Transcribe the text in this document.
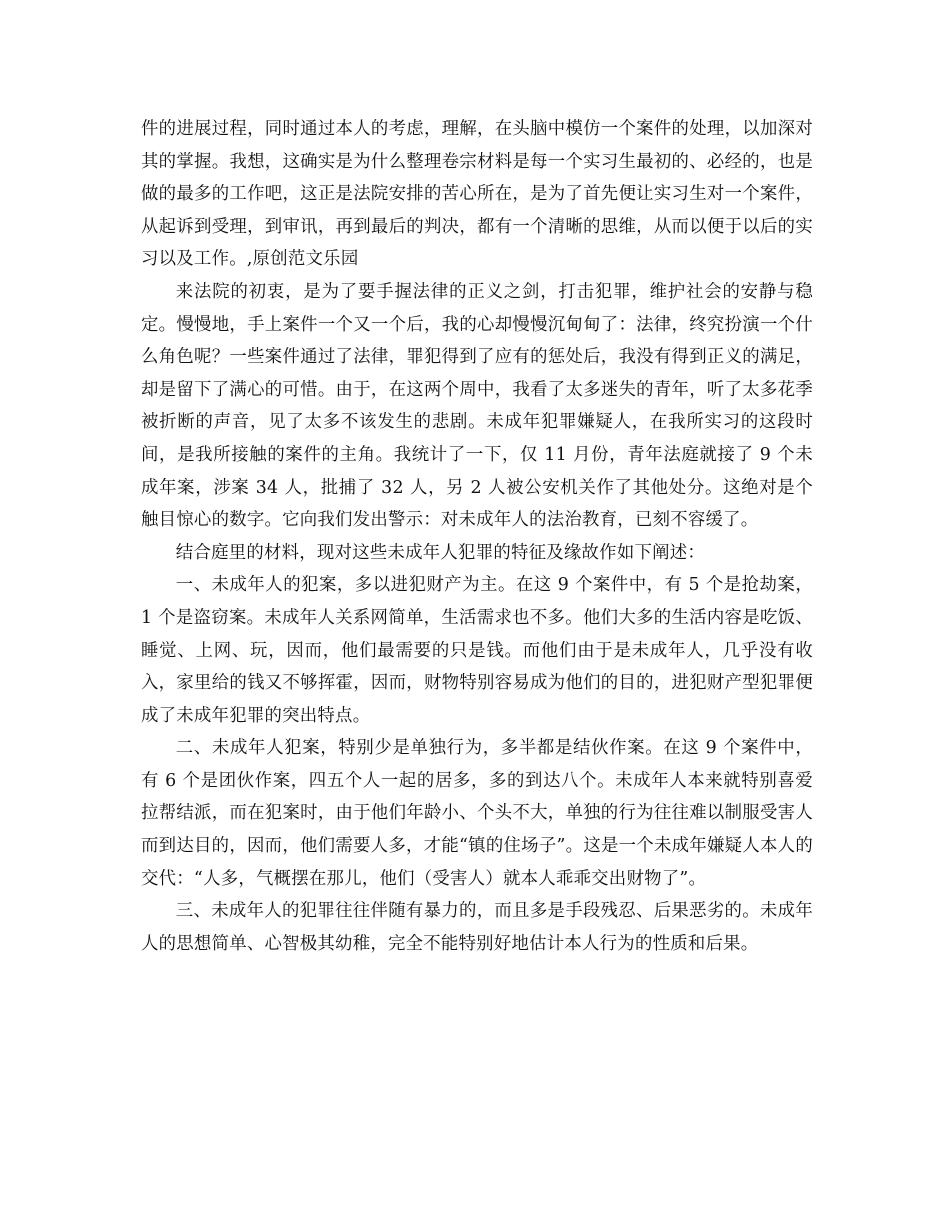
件的进展过程，同时通过本人的考虑，理解，在头脑中模仿一个案件的处理，以加深对其的掌握。我想，这确实是为什么整理卷宗材料是每一个实习生最初的、必经的，也是做的最多的工作吧，这正是法院安排的苦心所在，是为了首先便让实习生对一个案件，从起诉到受理，到审讯，再到最后的判决，都有一个清晰的思维，从而以便于以后的实习以及工作。,原创范文乐园

来法院的初衷，是为了要手握法律的正义之剑，打击犯罪，维护社会的安静与稳定。慢慢地，手上案件一个又一个后，我的心却慢慢沉甸甸了：法律，终究扮演一个什么角色呢？一些案件通过了法律，罪犯得到了应有的惩处后，我没有得到正义的满足，却是留下了满心的可惜。由于，在这两个周中，我看了太多迷失的青年，听了太多花季被折断的声音，见了太多不该发生的悲剧。未成年犯罪嫌疑人，在我所实习的这段时间，是我所接触的案件的主角。我统计了一下，仅 11 月份，青年法庭就接了 9 个未成年案，涉案 34 人，批捕了 32 人，另 2 人被公安机关作了其他处分。这绝对是个触目惊心的数字。它向我们发出警示：对未成年人的法治教育，已刻不容缓了。

结合庭里的材料，现对这些未成年人犯罪的特征及缘故作如下阐述：

一、未成年人的犯案，多以进犯财产为主。在这 9 个案件中，有 5 个是抢劫案，1 个是盗窃案。未成年人关系网简单，生活需求也不多。他们大多的生活内容是吃饭、睡觉、上网、玩，因而，他们最需要的只是钱。而他们由于是未成年人，几乎没有收入，家里给的钱又不够挥霍，因而，财物特别容易成为他们的目的，进犯财产型犯罪便成了未成年犯罪的突出特点。

二、未成年人犯案，特别少是单独行为，多半都是结伙作案。在这 9 个案件中，有 6 个是团伙作案，四五个人一起的居多，多的到达八个。未成年人本来就特别喜爱拉帮结派，而在犯案时，由于他们年龄小、个头不大，单独的行为往往难以制服受害人而到达目的，因而，他们需要人多，才能“镇的住场子”。这是一个未成年嫌疑人本人的交代：“人多，气概摆在那儿，他们（受害人）就本人乖乖交出财物了”。

三、未成年人的犯罪往往伴随有暴力的，而且多是手段残忍、后果恶劣的。未成年人的思想简单、心智极其幼稚，完全不能特别好地估计本人行为的性质和后果。
